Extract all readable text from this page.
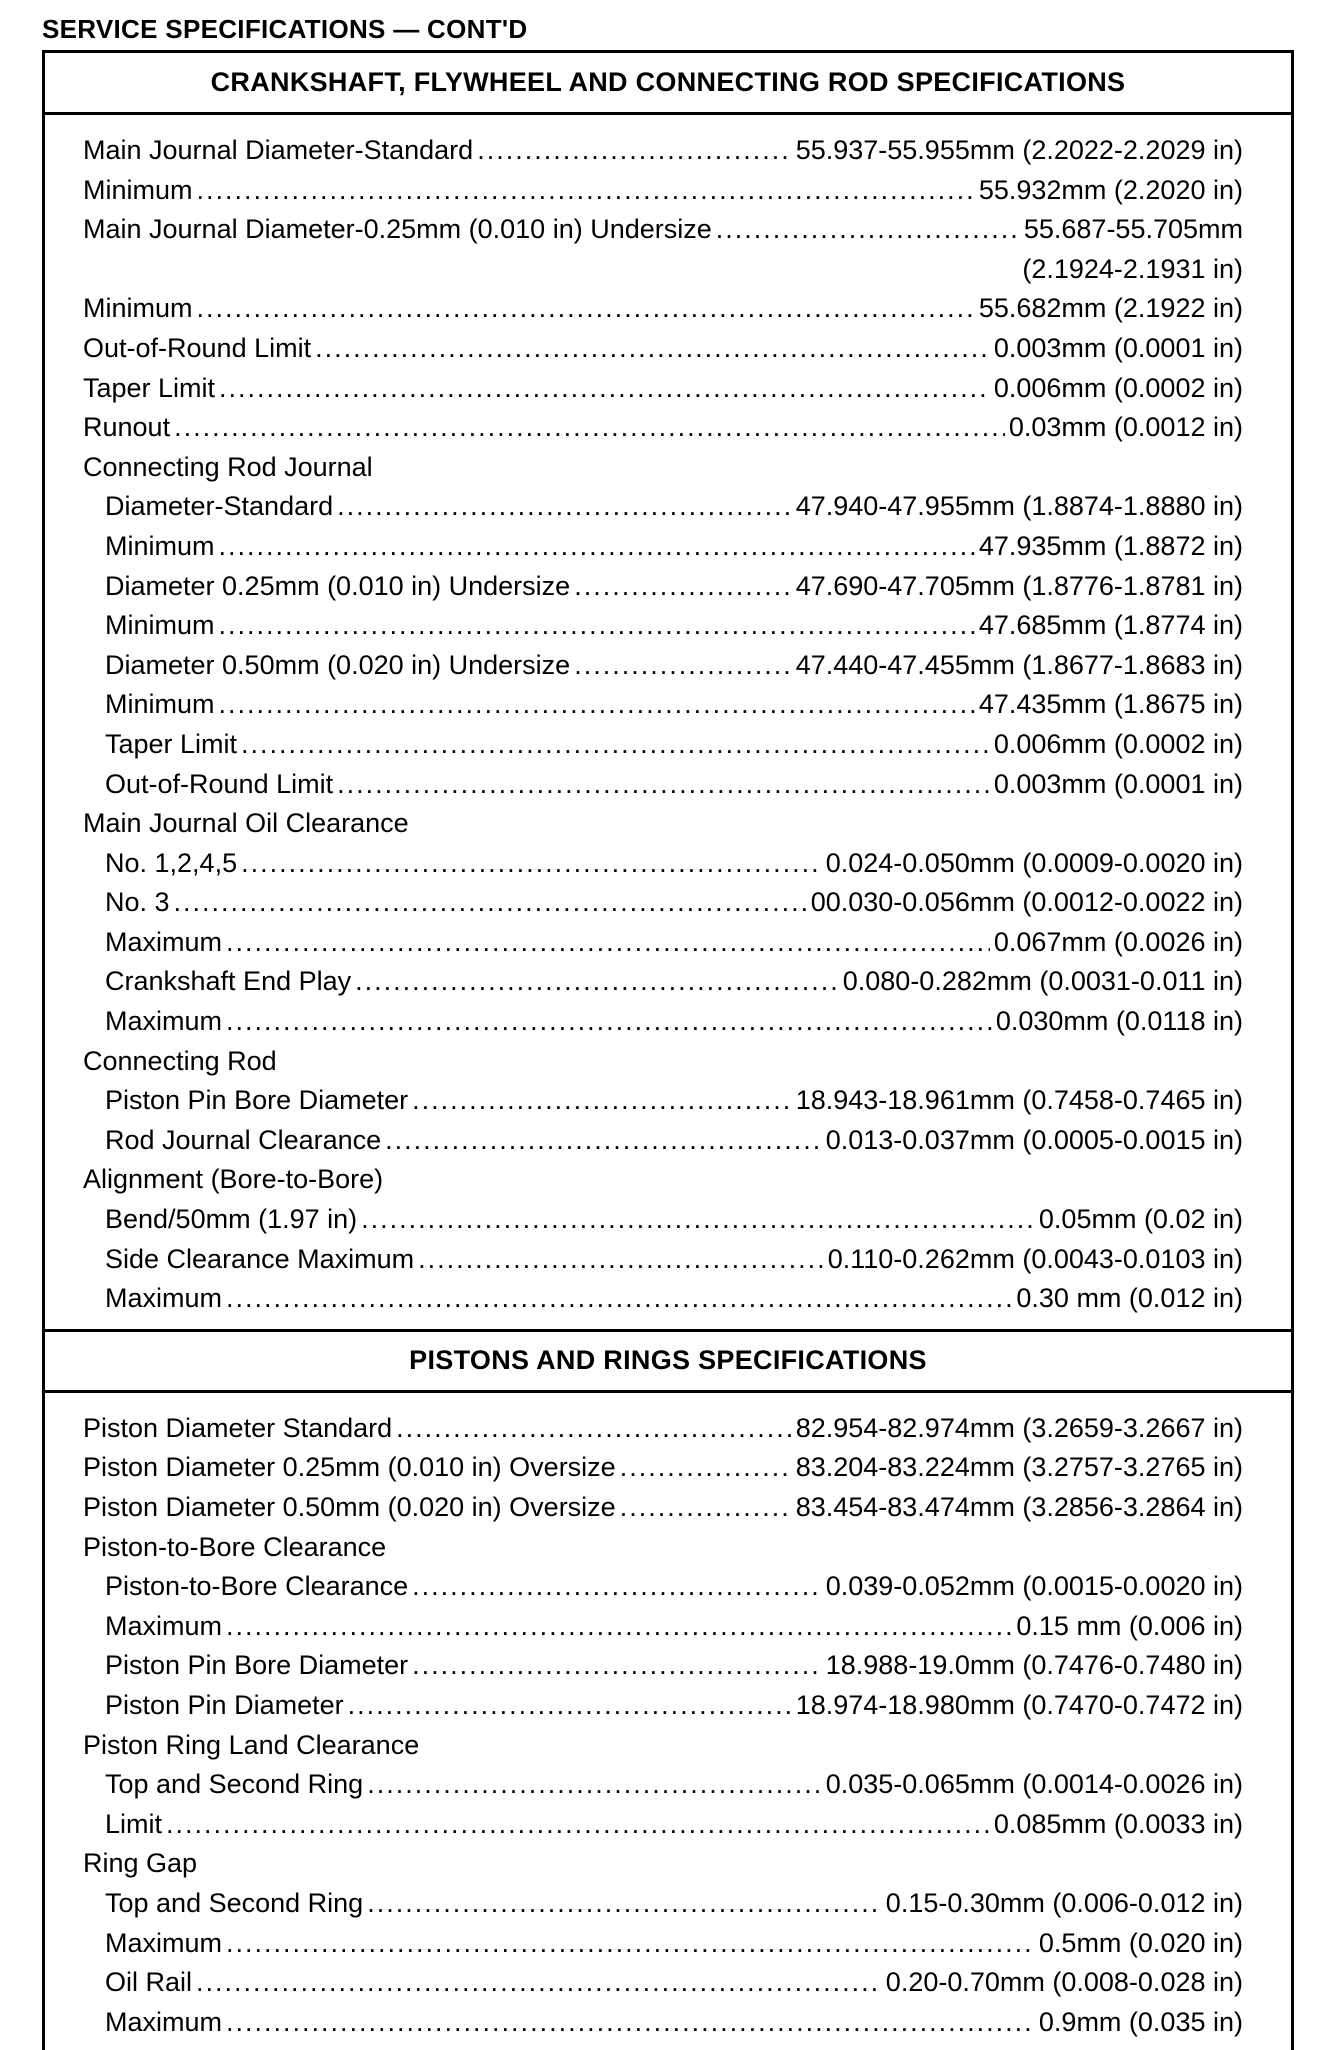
SERVICE SPECIFICATIONS — CONT'D
CRANKSHAFT, FLYWHEEL AND CONNECTING ROD SPECIFICATIONS
Main Journal Diameter-Standard .....	55.937-55.955mm (2.2022-2.2029 in)
Minimum .....	55.932mm (2.2020 in)
Main Journal Diameter-0.25mm (0.010 in) Undersize .....	55.687-55.705mm
(2.1924-2.1931 in)
Minimum .....	55.682mm (2.1922 in)
Out-of-Round Limit .....	0.003mm (0.0001 in)
Taper Limit .....	0.006mm (0.0002 in)
Runout .....	0.03mm (0.0012 in)
Connecting Rod Journal
Diameter-Standard .....	47.940-47.955mm (1.8874-1.8880 in)
Minimum .....	47.935mm (1.8872 in)
Diameter 0.25mm (0.010 in) Undersize .....	47.690-47.705mm (1.8776-1.8781 in)
Minimum .....	47.685mm (1.8774 in)
Diameter 0.50mm (0.020 in) Undersize .....	47.440-47.455mm (1.8677-1.8683 in)
Minimum .....	47.435mm (1.8675 in)
Taper Limit .....	0.006mm (0.0002 in)
Out-of-Round Limit .....	0.003mm (0.0001 in)
Main Journal Oil Clearance
No. 1,2,4,5 .....	0.024-0.050mm (0.0009-0.0020 in)
No. 3 .....	00.030-0.056mm (0.0012-0.0022 in)
Maximum .....	0.067mm (0.0026 in)
Crankshaft End Play .....	0.080-0.282mm (0.0031-0.011 in)
Maximum .....	0.030mm (0.0118 in)
Connecting Rod
Piston Pin Bore Diameter .....	18.943-18.961mm (0.7458-0.7465 in)
Rod Journal Clearance .....	0.013-0.037mm (0.0005-0.0015 in)
Alignment (Bore-to-Bore)
Bend/50mm (1.97 in) .....	0.05mm (0.02 in)
Side Clearance Maximum .....	0.110-0.262mm (0.0043-0.0103 in)
Maximum .....	0.30 mm (0.012 in)
PISTONS AND RINGS SPECIFICATIONS
Piston Diameter Standard .....	82.954-82.974mm (3.2659-3.2667 in)
Piston Diameter 0.25mm (0.010 in) Oversize .....	83.204-83.224mm (3.2757-3.2765 in)
Piston Diameter 0.50mm (0.020 in) Oversize .....	83.454-83.474mm (3.2856-3.2864 in)
Piston-to-Bore Clearance
Piston-to-Bore Clearance .....	0.039-0.052mm (0.0015-0.0020 in)
Maximum .....	0.15 mm (0.006 in)
Piston Pin Bore Diameter .....	18.988-19.0mm (0.7476-0.7480 in)
Piston Pin Diameter .....	18.974-18.980mm (0.7470-0.7472 in)
Piston Ring Land Clearance
Top and Second Ring .....	0.035-0.065mm (0.0014-0.0026 in)
Limit .....	0.085mm (0.0033 in)
Ring Gap
Top and Second Ring .....	0.15-0.30mm (0.006-0.012 in)
Maximum .....	0.5mm (0.020 in)
Oil Rail .....	0.20-0.70mm (0.008-0.028 in)
Maximum .....	0.9mm (0.035 in)
